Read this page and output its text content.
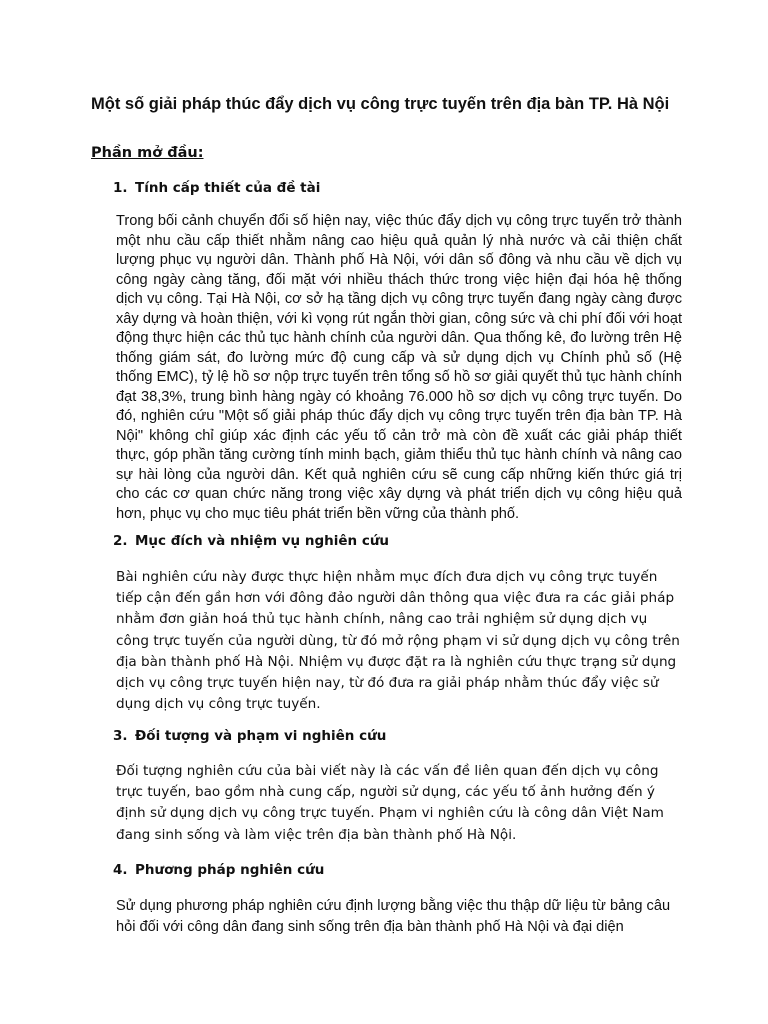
Một số giải pháp thúc đẩy dịch vụ công trực tuyến trên địa bàn TP. Hà Nội
Phần mở đầu:
1. Tính cấp thiết của đề tài

Trong bối cảnh chuyển đổi số hiện nay, việc thúc đẩy dịch vụ công trực tuyến trở thành một nhu cầu cấp thiết nhằm nâng cao hiệu quả quản lý nhà nước và cải thiện chất lượng phục vụ người dân. Thành phố Hà Nội, với dân số đông và nhu cầu về dịch vụ công ngày càng tăng, đối mặt với nhiều thách thức trong việc hiện đại hóa hệ thống dịch vụ công. Tại Hà Nội, cơ sở hạ tầng dịch vụ công trực tuyến đang ngày càng được xây dựng và hoàn thiện, với kì vọng rút ngắn thời gian, công sức và chi phí đối với hoạt động thực hiện các thủ tục hành chính của người dân. Qua thống kê, đo lường trên Hệ thống giám sát, đo lường mức độ cung cấp và sử dụng dịch vụ Chính phủ số (Hệ thống EMC), tỷ lệ hồ sơ nộp trực tuyến trên tổng số hồ sơ giải quyết thủ tục hành chính đạt 38,3%, trung bình hàng ngày có khoảng 76.000 hồ sơ dịch vụ công trực tuyến. Do đó, nghiên cứu "Một số giải pháp thúc đẩy dịch vụ công trực tuyến trên địa bàn TP. Hà Nội" không chỉ giúp xác định các yếu tố cản trở mà còn đề xuất các giải pháp thiết thực, góp phần tăng cường tính minh bạch, giảm thiểu thủ tục hành chính và nâng cao sự hài lòng của người dân. Kết quả nghiên cứu sẽ cung cấp những kiến thức giá trị cho các cơ quan chức năng trong việc xây dựng và phát triển dịch vụ công hiệu quả hơn, phục vụ cho mục tiêu phát triển bền vững của thành phố.

2. Mục đích và nhiệm vụ nghiên cứu

Bài nghiên cứu này được thực hiện nhằm mục đích đưa dịch vụ công trực tuyến tiếp cận đến gần hơn với đông đảo người dân thông qua việc đưa ra các giải pháp nhằm đơn giản hoá thủ tục hành chính, nâng cao trải nghiệm sử dụng dịch vụ công trực tuyến của người dùng, từ đó mở rộng phạm vi sử dụng dịch vụ công trên địa bàn thành phố Hà Nội. Nhiệm vụ được đặt ra là nghiên cứu thực trạng sử dụng dịch vụ công trực tuyến hiện nay, từ đó đưa ra giải pháp nhằm thúc đẩy việc sử dụng dịch vụ công trực tuyến.

3. Đối tượng và phạm vi nghiên cứu

Đối tượng nghiên cứu của bài viết này là các vấn đề liên quan đến dịch vụ công trực tuyến, bao gồm nhà cung cấp, người sử dụng, các yếu tố ảnh hưởng đến ý định sử dụng dịch vụ công trực tuyến. Phạm vi nghiên cứu là công dân Việt Nam đang sinh sống và làm việc trên địa bàn thành phố Hà Nội.

4. Phương pháp nghiên cứu

Sử dụng phương pháp nghiên cứu định lượng bằng việc thu thập dữ liệu từ bảng câu hỏi đối với công dân đang sinh sống trên địa bàn thành phố Hà Nội và đại diện
